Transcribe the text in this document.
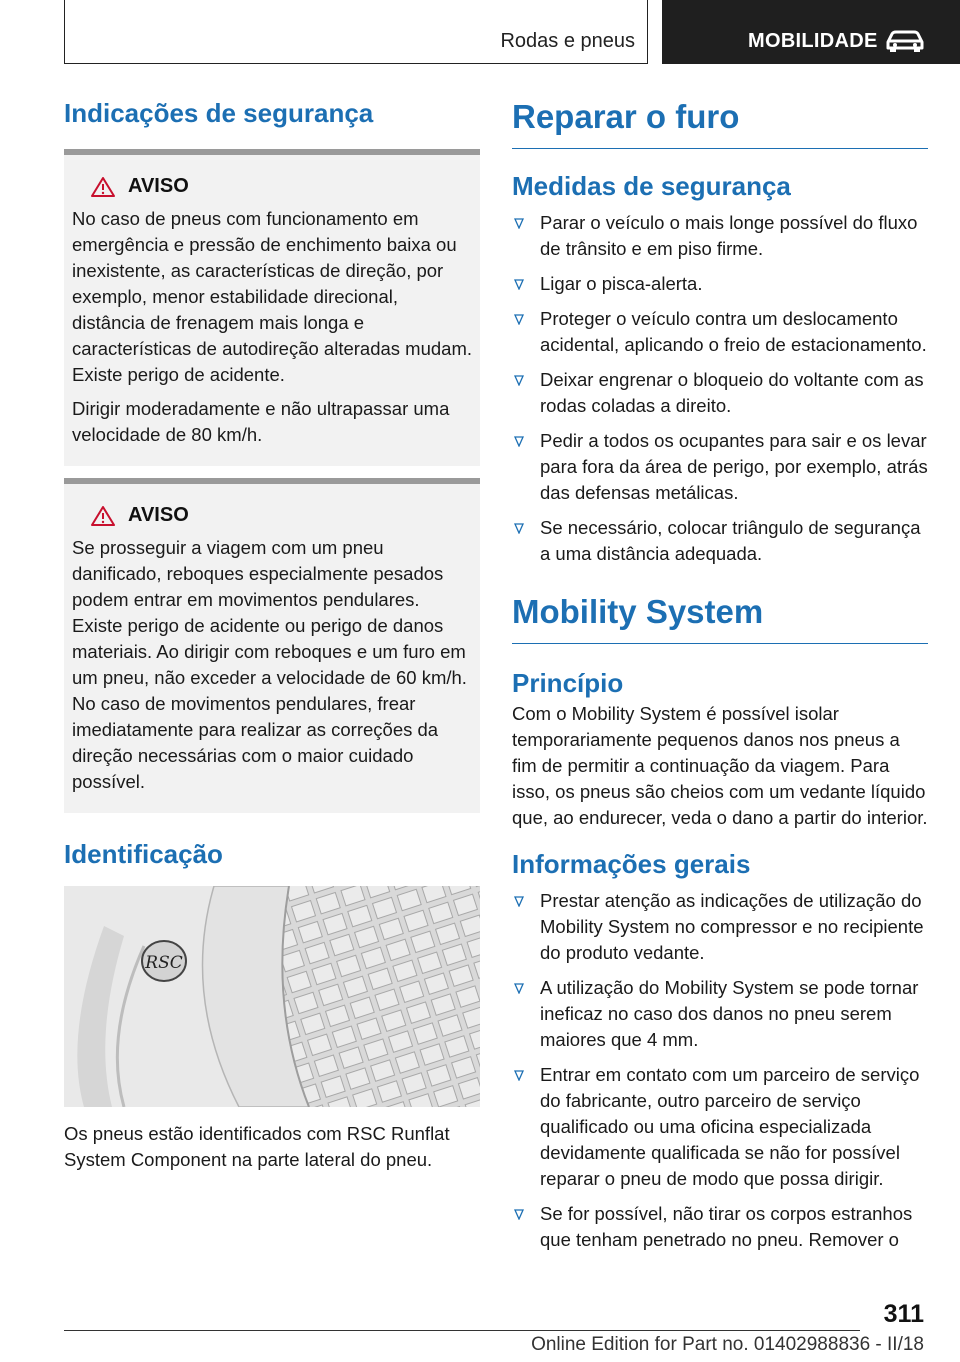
Rodas e pneus	MOBILIDADE
Indicações de segurança
AVISO

No caso de pneus com funcionamento em emergência e pressão de enchimento baixa ou inexistente, as características de direção, por exemplo, menor estabilidade direcional, distância de frenagem mais longa e características de autodireção alteradas mudam. Existe perigo de acidente.

Dirigir moderadamente e não ultrapassar uma velocidade de 80 km/h.

AVISO

Se prosseguir a viagem com um pneu danificado, reboques especialmente pesados podem entrar em movimentos pendulares. Existe perigo de acidente ou perigo de danos materiais. Ao dirigir com reboques e um furo em um pneu, não exceder a velocidade de 60 km/h. No caso de movimentos pendulares, frear imediatamente para realizar as correções da direção necessárias com o maior cuidado possível.

Identificação
RSC

Os pneus estão identificados com RSC Runflat System Component na parte lateral do pneu.

Reparar o furo
Medidas de segurança
Parar o veículo o mais longe possível do fluxo de trânsito e em piso firme.
Ligar o pisca-alerta.
Proteger o veículo contra um deslocamento acidental, aplicando o freio de estacionamento.
Deixar engrenar o bloqueio do voltante com as rodas coladas a direito.
Pedir a todos os ocupantes para sair e os levar para fora da área de perigo, por exemplo, atrás das defensas metálicas.
Se necessário, colocar triângulo de segurança a uma distância adequada.
Mobility System
Princípio

Com o Mobility System é possível isolar temporariamente pequenos danos nos pneus a fim de permitir a continuação da viagem. Para isso, os pneus são cheios com um vedante líquido que, ao endurecer, veda o dano a partir do interior.

Informações gerais
Prestar atenção as indicações de utilização do Mobility System no compressor e no recipiente do produto vedante.
A utilização do Mobility System se pode tornar ineficaz no caso dos danos no pneu serem maiores que 4 mm.
Entrar em contato com um parceiro de serviço do fabricante, outro parceiro de serviço qualificado ou uma oficina especializada devidamente qualificada se não for possível reparar o pneu de modo que possa dirigir.
Se for possível, não tirar os corpos estranhos que tenham penetrado no pneu. Remover o
311
Online Edition for Part no. 01402988836 - II/18
